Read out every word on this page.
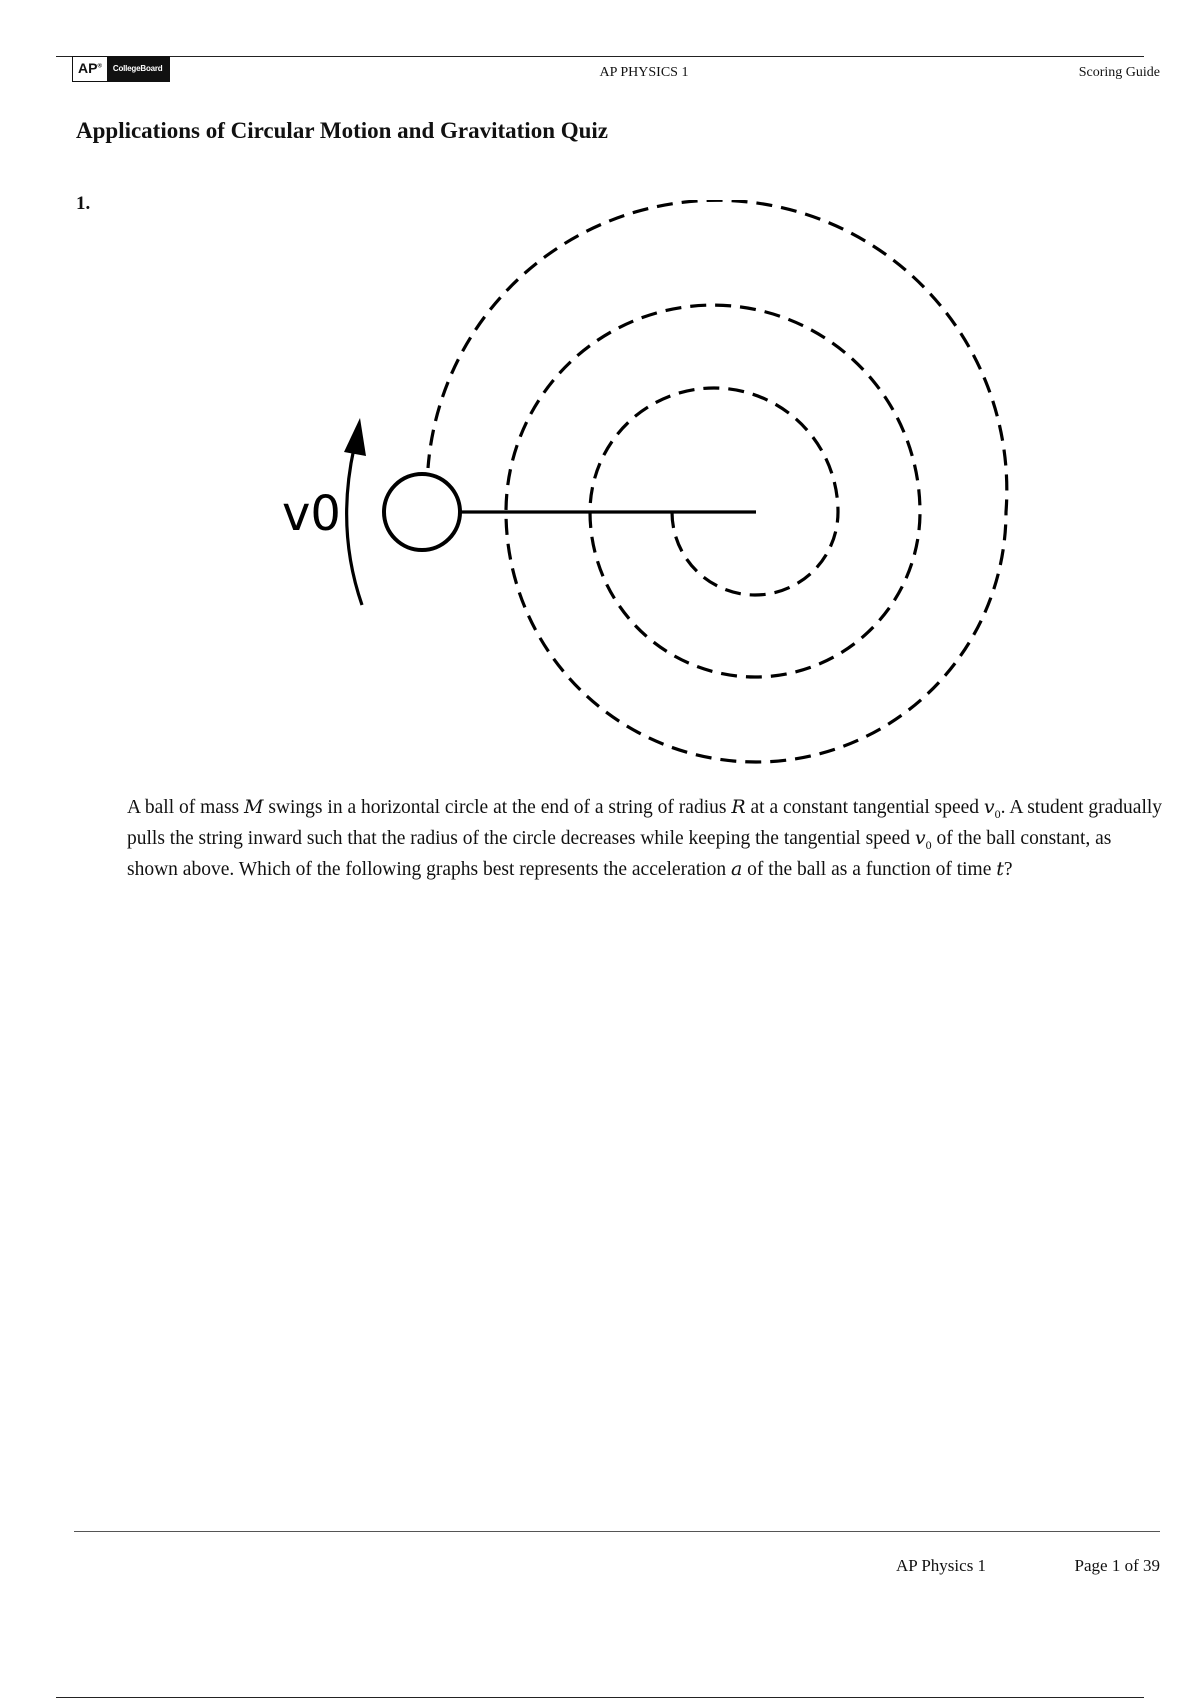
AP®	CollegeBoard	AP PHYSICS 1	Scoring Guide
Applications of Circular Motion and Gravitation Quiz
1.
v0
A ball of mass M swings in a horizontal circle at the end of a string of radius R at a constant tangential speed $v_0$. A student gradually pulls the string inward such that the radius of the circle decreases while keeping the tangential speed $v_0$ of the ball constant, as shown above. Which of the following graphs best represents the acceleration a of the ball as a function of time t?
AP Physics 1	Page 1 of 39
